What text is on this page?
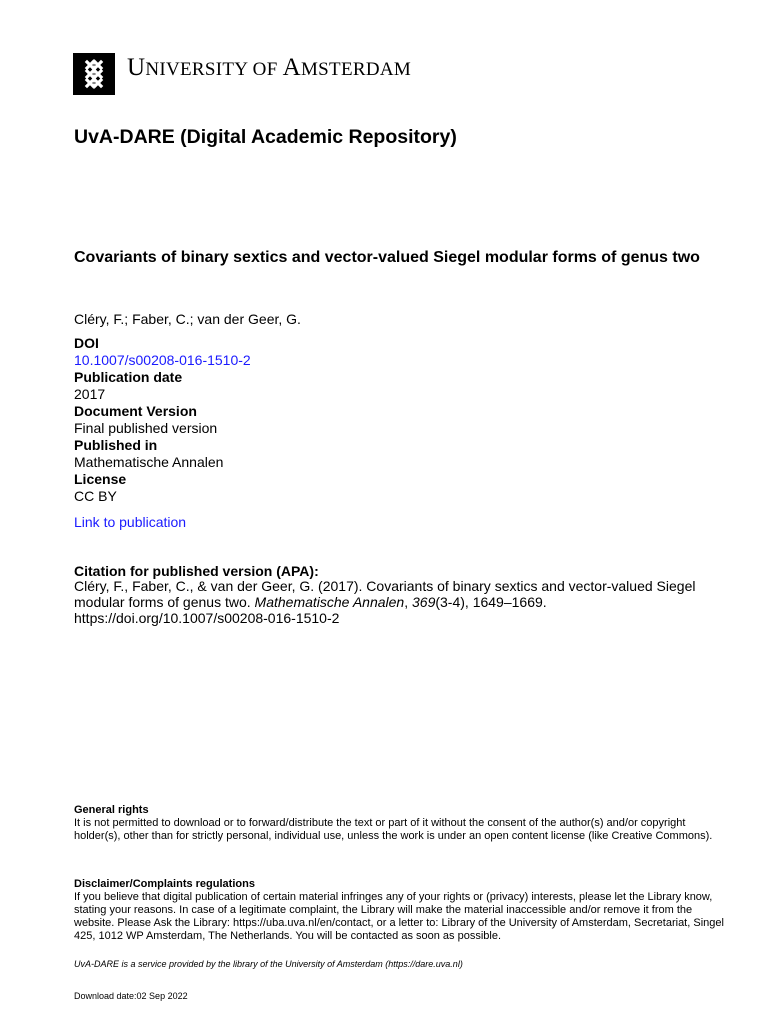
UNIVERSITY OF AMSTERDAM
UvA-DARE (Digital Academic Repository)
Covariants of binary sextics and vector-valued Siegel modular forms of genus two
Cléry, F.; Faber, C.; van der Geer, G.
DOI
10.1007/s00208-016-1510-2
Publication date
2017
Document Version
Final published version
Published in
Mathematische Annalen
License
CC BY
Link to publication
Citation for published version (APA):
Cléry, F., Faber, C., & van der Geer, G. (2017). Covariants of binary sextics and vector-valued Siegel modular forms of genus two. Mathematische Annalen, 369(3-4), 1649–1669.
https://doi.org/10.1007/s00208-016-1510-2
General rights
It is not permitted to download or to forward/distribute the text or part of it without the consent of the author(s) and/or copyright holder(s), other than for strictly personal, individual use, unless the work is under an open content license (like Creative Commons).
Disclaimer/Complaints regulations
If you believe that digital publication of certain material infringes any of your rights or (privacy) interests, please let the Library know, stating your reasons. In case of a legitimate complaint, the Library will make the material inaccessible and/or remove it from the website. Please Ask the Library: https://uba.uva.nl/en/contact, or a letter to: Library of the University of Amsterdam, Secretariat, Singel 425, 1012 WP Amsterdam, The Netherlands. You will be contacted as soon as possible.
UvA-DARE is a service provided by the library of the University of Amsterdam (https://dare.uva.nl)
Download date:02 Sep 2022
